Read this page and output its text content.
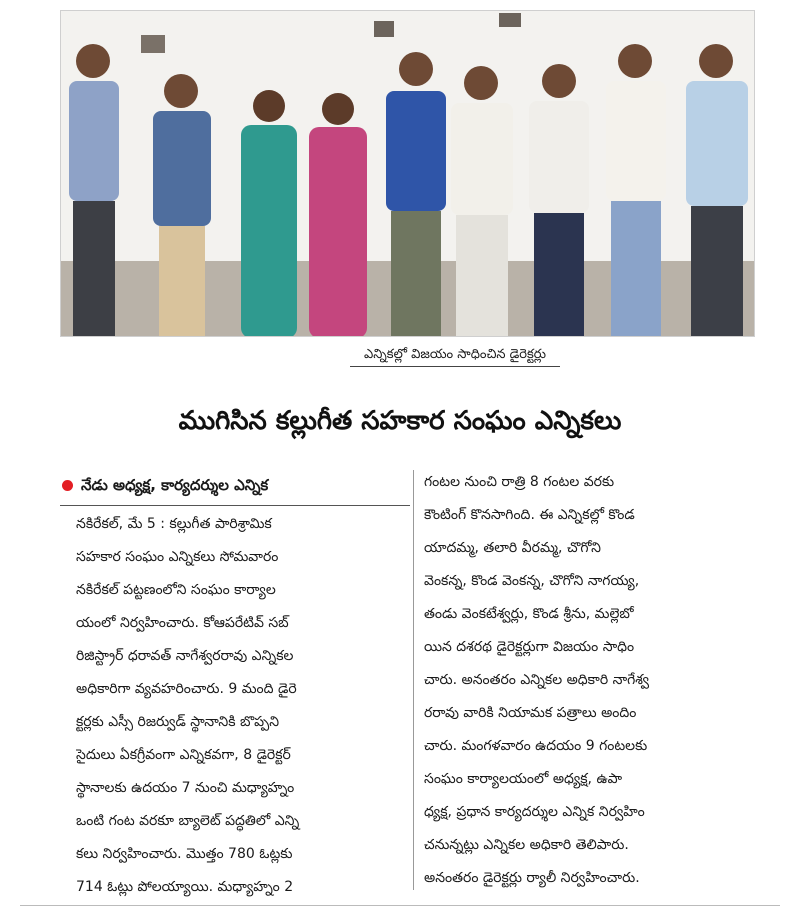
ఎన్నికల్లో విజయం సాధించిన డైరెక్టర్లు
ముగిసిన కల్లుగీత సహకార సంఘం ఎన్నికలు
నేడు అధ్యక్ష, కార్యదర్శుల ఎన్నిక
నకిరేకల్, మే 5 : కల్లుగీత పారిశ్రామిక
సహకార సంఘం ఎన్నికలు సోమవారం
నకిరేకల్ పట్టణంలోని సంఘం కార్యాల
యంలో నిర్వహించారు. కోఆపరేటివ్ సబ్
రిజిస్ట్రార్ ధరావత్ నాగేశ్వరరావు ఎన్నికల
అధికారిగా వ్యవహరించారు. 9 మంది డైరె
క్టర్లకు ఎస్సీ రిజర్వుడ్ స్థానానికి బొప్పని
సైదులు ఏకగ్రీవంగా ఎన్నికవగా, 8 డైరెక్టర్
స్థానాలకు ఉదయం 7 నుంచి మధ్యాహ్నం
ఒంటి గంట వరకూ బ్యాలెట్ పద్ధతిలో ఎన్ని
కలు నిర్వహించారు. మొత్తం 780 ఓట్లకు
714 ఓట్లు పోలయ్యాయి. మధ్యాహ్నం 2
గంటల నుంచి రాత్రి 8 గంటల వరకు
కౌంటింగ్ కొనసాగింది. ఈ ఎన్నికల్లో కొండ
యాదమ్మ, తలారి వీరమ్మ, చొగోని
వెంకన్న, కొండ వెంకన్న, చొగోని నాగయ్య,
తండు వెంకటేశ్వర్లు, కొండ శ్రీను, మల్లెబో
యిన దశరథ డైరెక్టర్లుగా విజయం సాధిం
చారు. అనంతరం ఎన్నికల అధికారి నాగేశ్వ
రరావు వారికి నియామక పత్రాలు అందిం
చారు. మంగళవారం ఉదయం 9 గంటలకు
సంఘం కార్యాలయంలో అధ్యక్ష, ఉపా
ధ్యక్ష, ప్రధాన కార్యదర్శుల ఎన్నిక నిర్వహిం
చనున్నట్లు ఎన్నికల అధికారి తెలిపారు.
అనంతరం డైరెక్టర్లు ర్యాలీ నిర్వహించారు.
